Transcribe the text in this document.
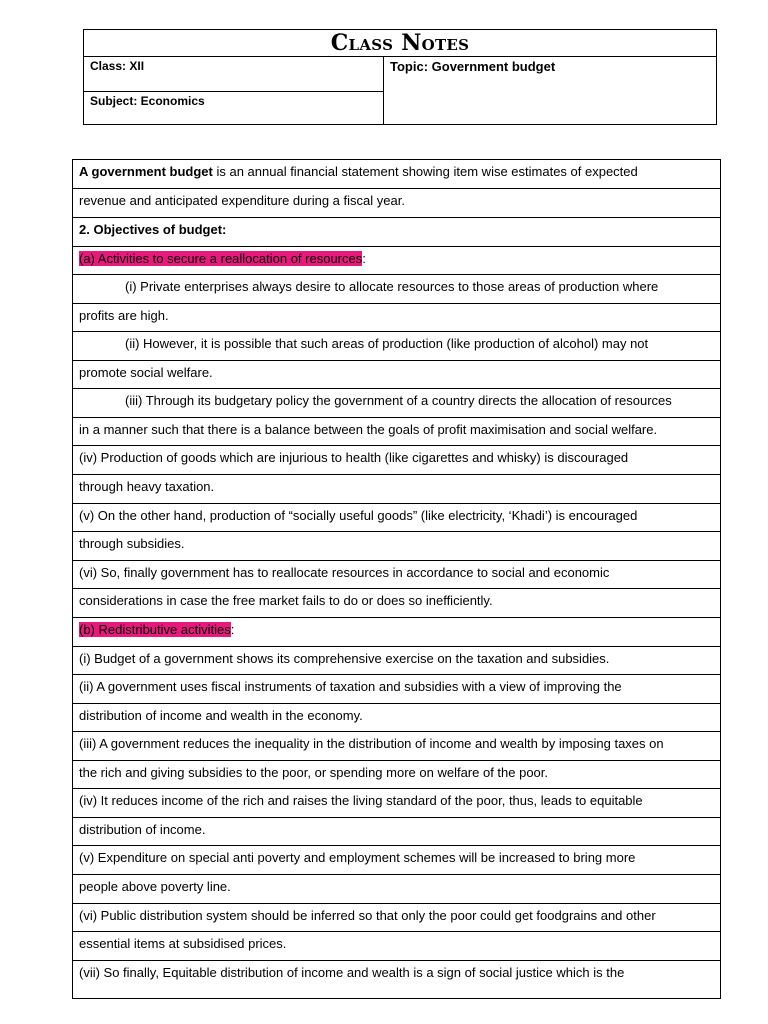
Class Notes
Class: XII
Subject: Economics
Topic: Government budget
A government budget is an annual financial statement showing item wise estimates of expected
revenue and anticipated expenditure during a fiscal year.
2. Objectives of budget:
(a) Activities to secure a reallocation of resources:
(i) Private enterprises always desire to allocate resources to those areas of production where
profits are high.
(ii) However, it is possible that such areas of production (like production of alcohol) may not
promote social welfare.
(iii) Through its budgetary policy the government of a country directs the allocation of resources
in a manner such that there is a balance between the goals of profit maximisation and social welfare.
(iv) Production of goods which are injurious to health (like cigarettes and whisky) is discouraged
through heavy taxation.
(v) On the other hand, production of “socially useful goods” (like electricity, ‘Khadi’) is encouraged
through subsidies.
(vi) So, finally government has to reallocate resources in accordance to social and economic
considerations in case the free market fails to do or does so inefficiently.
(b) Redistributive activities:
(i) Budget of a government shows its comprehensive exercise on the taxation and subsidies.
(ii) A government uses fiscal instruments of taxation and subsidies with a view of improving the
distribution of income and wealth in the economy.
(iii) A government reduces the inequality in the distribution of income and wealth by imposing taxes on
the rich and giving subsidies to the poor, or spending more on welfare of the poor.
(iv) It reduces income of the rich and raises the living standard of the poor, thus, leads to equitable
distribution of income.
(v) Expenditure on special anti poverty and employment schemes will be increased to bring more
people above poverty line.
(vi) Public distribution system should be inferred so that only the poor could get foodgrains and other
essential items at subsidised prices.
(vii) So finally, Equitable distribution of income and wealth is a sign of social justice which is the
